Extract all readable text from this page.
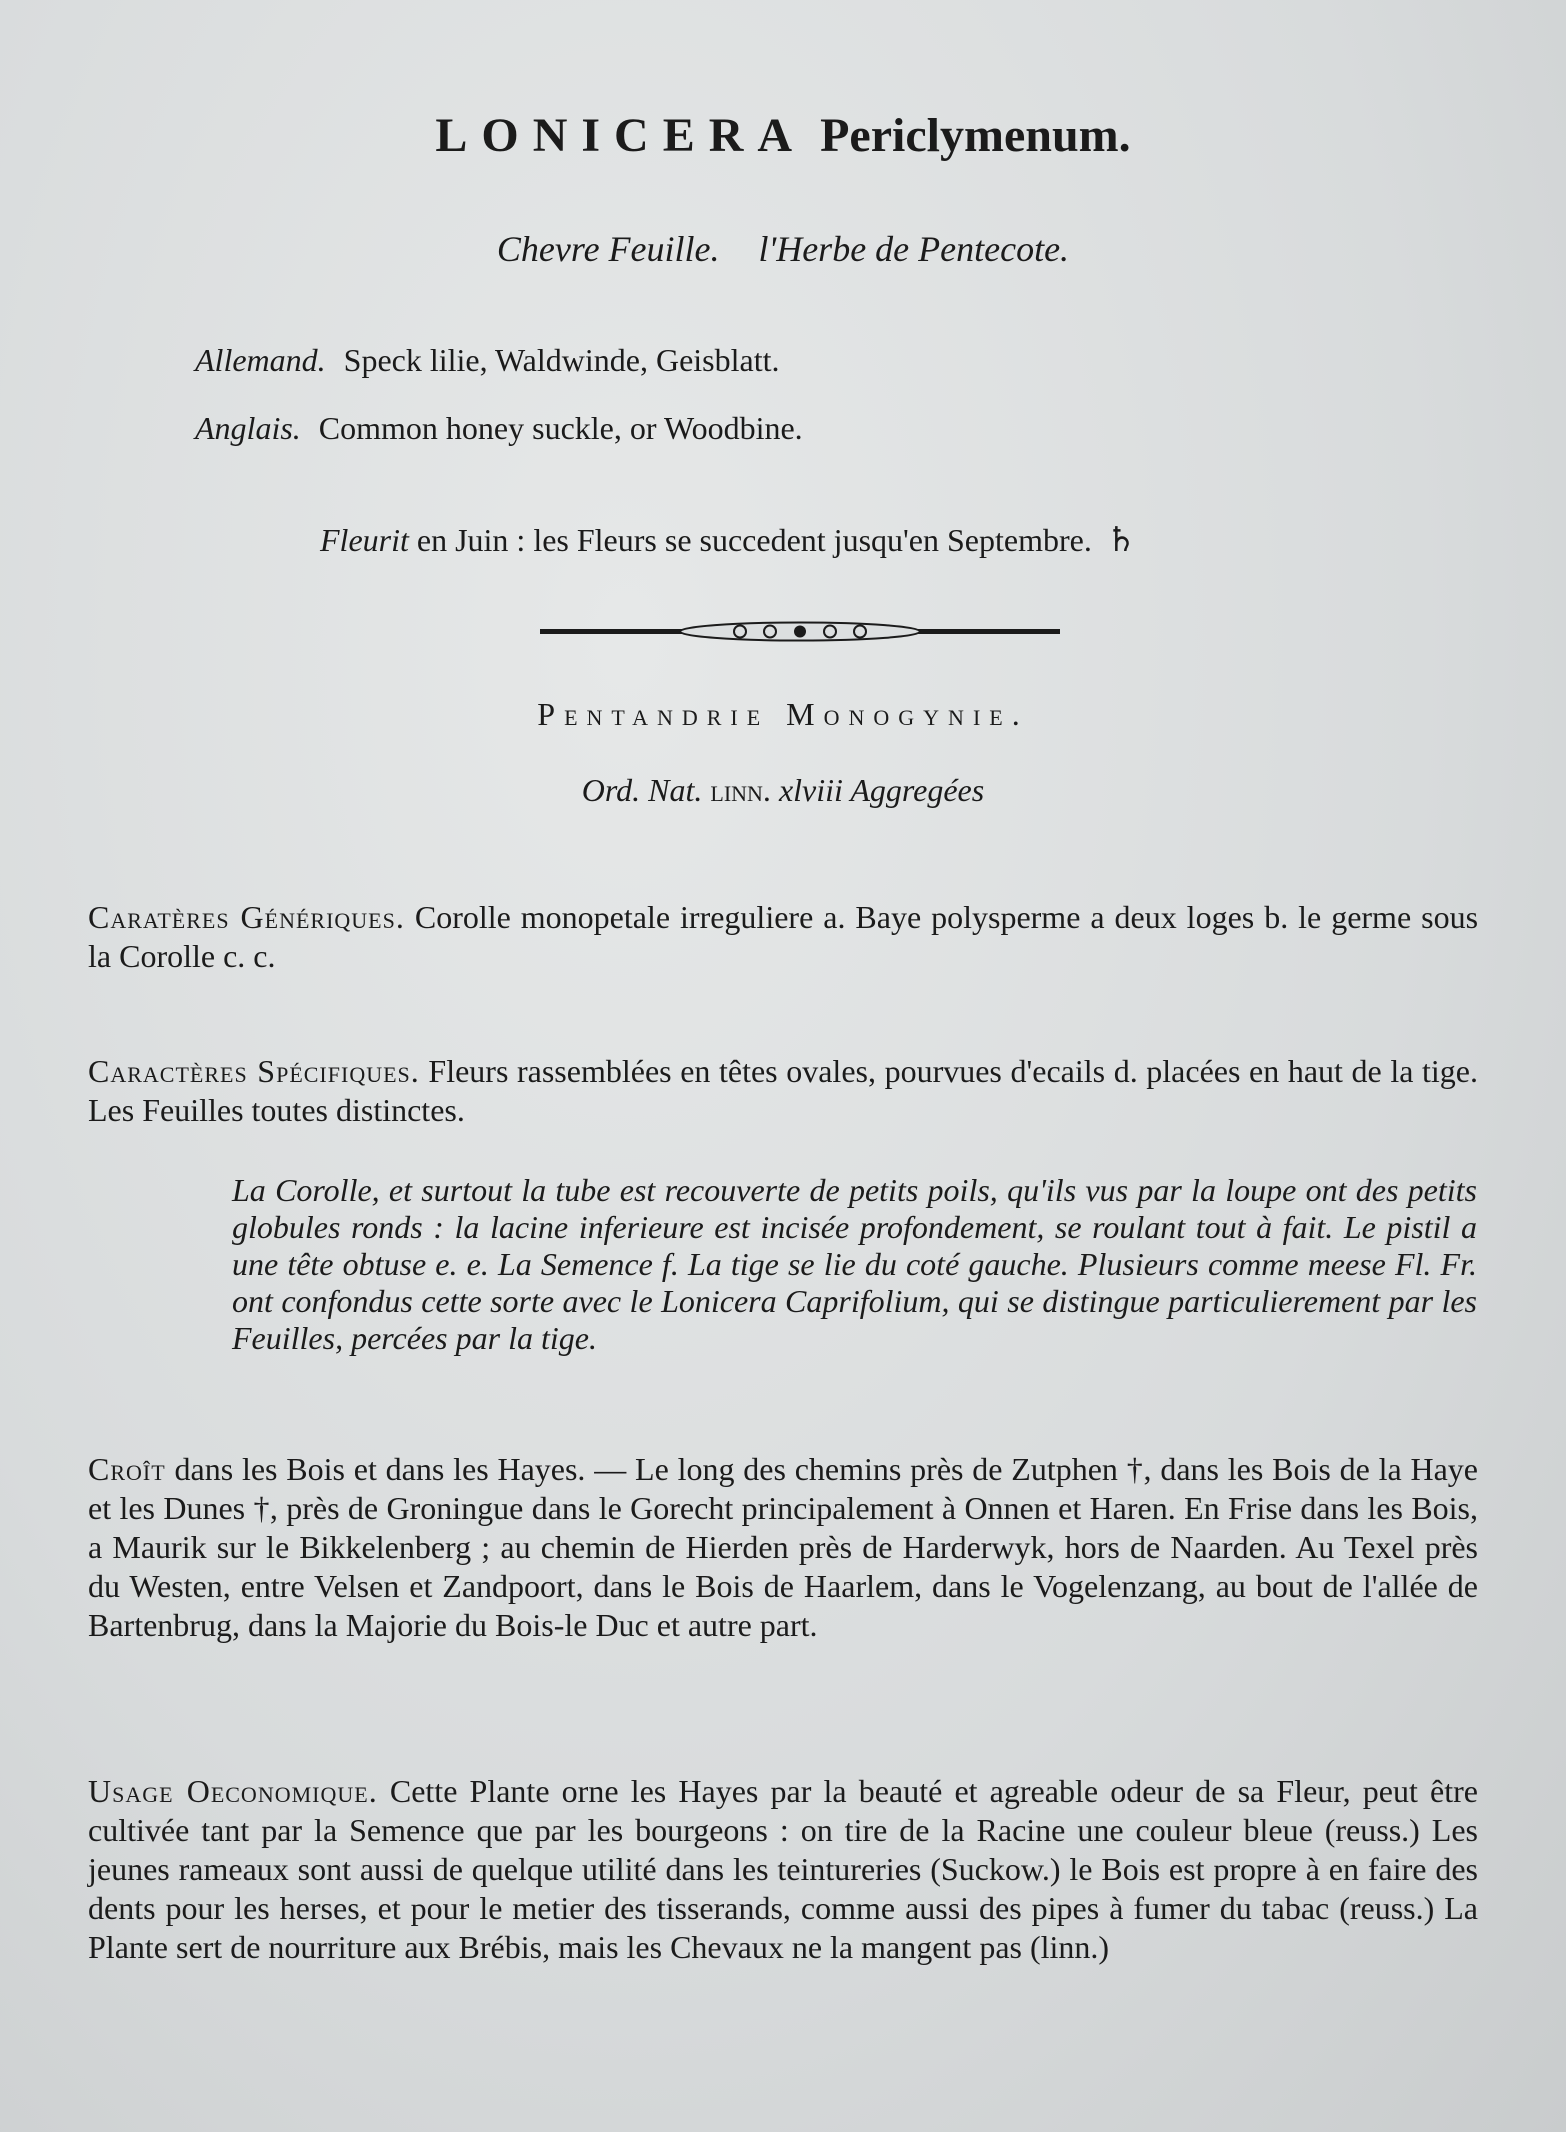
LONICERA Periclymenum.
Chevre Feuille. l'Herbe de Pentecote.
Allemand. Speck lilie, Waldwinde, Geisblatt.
Anglais. Common honey suckle, or Woodbine.
Fleurit en Juin : les Fleurs se succedent jusqu'en Septembre. ♄
Pentandrie Monogynie.
Ord. Nat. linn. xlviii Aggregées
Caratères Génériques. Corolle monopetale irreguliere a. Baye polysperme a deux loges b. le germe sous la Corolle c. c.
Caractères Spécifiques. Fleurs rassemblées en têtes ovales, pourvues d'ecails d. placées en haut de la tige. Les Feuilles toutes distinctes.
La Corolle, et surtout la tube est recouverte de petits poils, qu'ils vus par la loupe ont des petits globules ronds : la lacine inferieure est incisée profondement, se roulant tout à fait. Le pistil a une tête obtuse e. e. La Semence f. La tige se lie du coté gauche. Plusieurs comme meese Fl. Fr. ont confondus cette sorte avec le Lonicera Caprifolium, qui se distingue particulierement par les Feuilles, percées par la tige.
Croît dans les Bois et dans les Hayes. — Le long des chemins près de Zutphen †, dans les Bois de la Haye et les Dunes †, près de Groningue dans le Gorecht principalement à Onnen et Haren. En Frise dans les Bois, a Maurik sur le Bikkelenberg ; au chemin de Hierden près de Harderwyk, hors de Naarden. Au Texel près du Westen, entre Velsen et Zandpoort, dans le Bois de Haarlem, dans le Vogelenzang, au bout de l'allée de Bartenbrug, dans la Majorie du Bois-le Duc et autre part.
Usage Oeconomique. Cette Plante orne les Hayes par la beauté et agreable odeur de sa Fleur, peut être cultivée tant par la Semence que par les bourgeons : on tire de la Racine une couleur bleue (reuss.) Les jeunes rameaux sont aussi de quelque utilité dans les teintureries (Suckow.) le Bois est propre à en faire des dents pour les herses, et pour le metier des tisserands, comme aussi des pipes à fumer du tabac (reuss.) La Plante sert de nourriture aux Brébis, mais les Chevaux ne la mangent pas (linn.)
